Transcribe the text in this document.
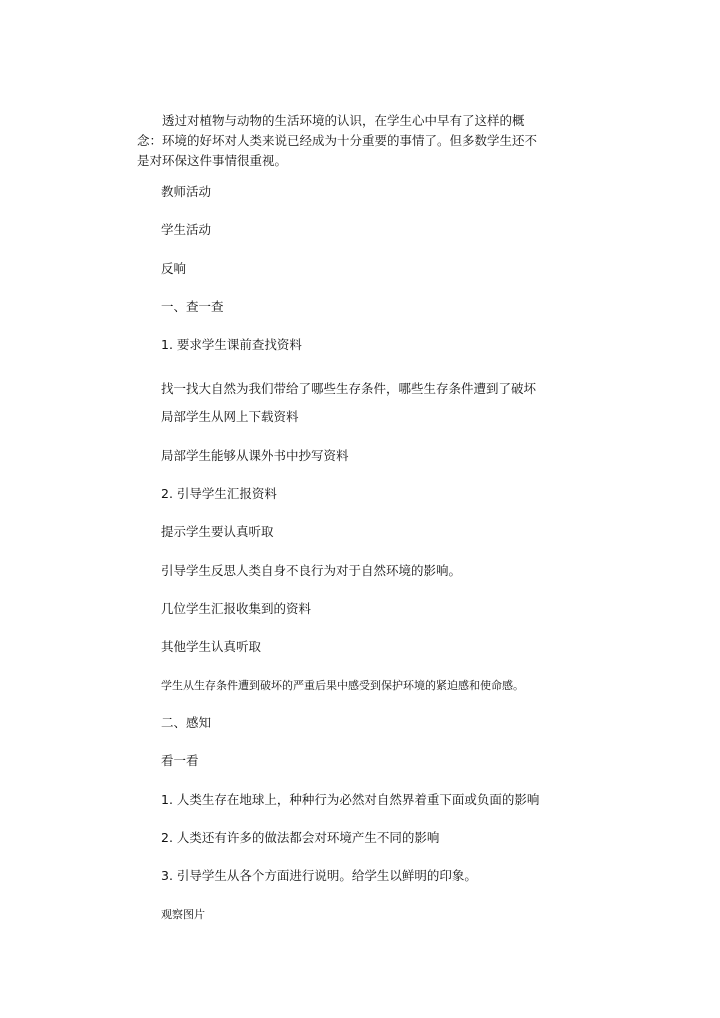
透过对植物与动物的生活环境的认识，在学生心中早有了这样的概念：环境的好坏对人类来说已经成为十分重要的事情了。但多数学生还不是对环保这件事情很重视。

教师活动

学生活动

反响

一、查一查

1. 要求学生课前查找资料

找一找大自然为我们带给了哪些生存条件，哪些生存条件遭到了破坏

局部学生从网上下载资料

局部学生能够从课外书中抄写资料

2. 引导学生汇报资料

提示学生要认真听取

引导学生反思人类自身不良行为对于自然环境的影响。

几位学生汇报收集到的资料

其他学生认真听取

学生从生存条件遭到破坏的严重后果中感受到保护环境的紧迫感和使命感。

二、感知

看一看

1. 人类生存在地球上，种种行为必然对自然界着重下面或负面的影响

2. 人类还有许多的做法都会对环境产生不同的影响

3. 引导学生从各个方面进行说明。给学生以鲜明的印象。

观察图片
